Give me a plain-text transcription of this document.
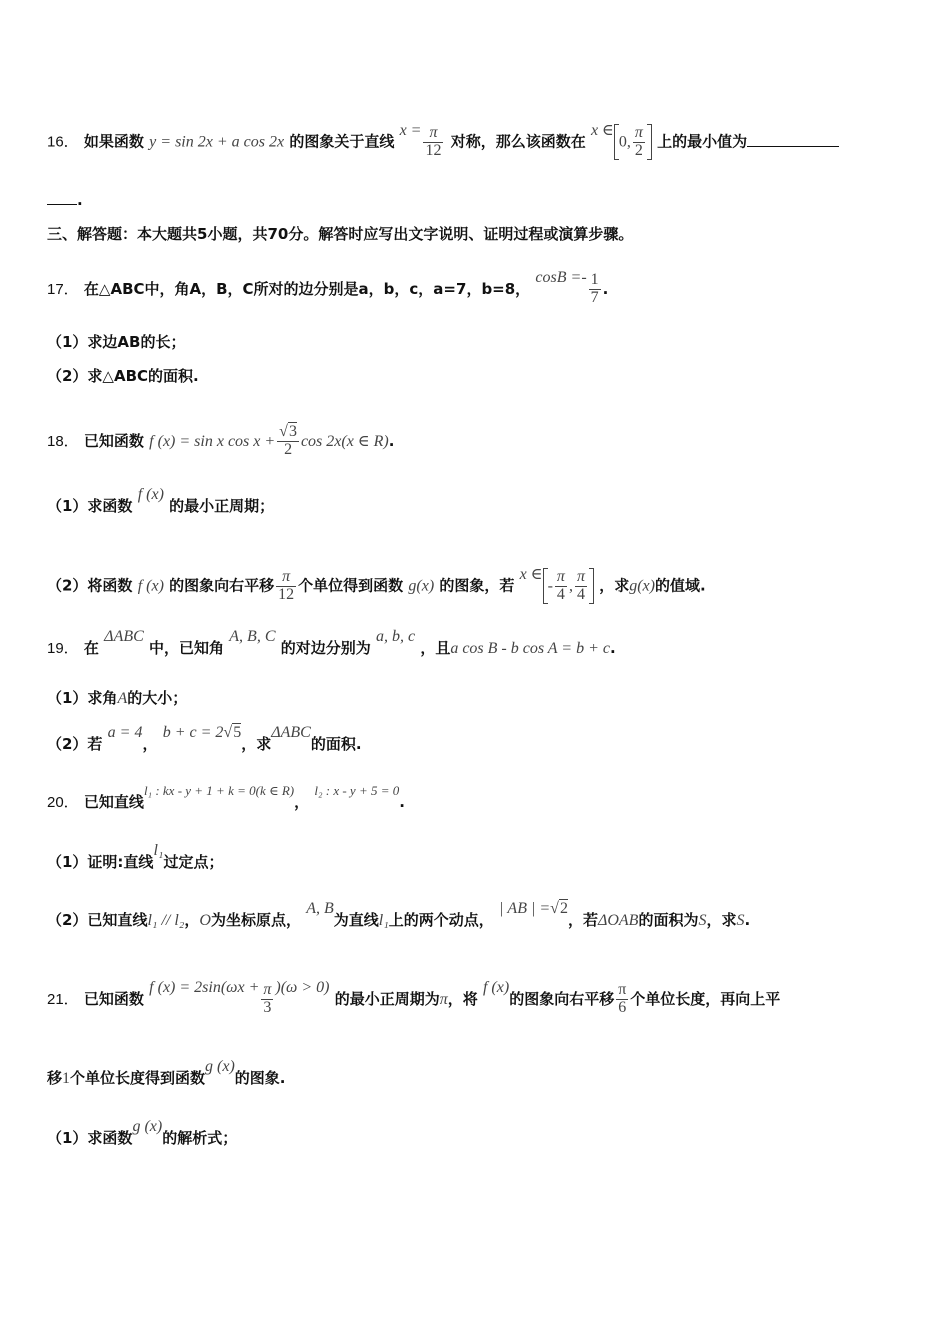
16． 如果函数 y = sin 2x + a cos 2x 的图象关于直线 $x = \frac{\pi}{12}$ 对称，那么该函数在 x ∈0, $\frac{\pi}{2}$ 上的最小值为
.
三、解答题：本大题共5小题，共70分。解答时应写出文字说明、证明过程或演算步骤。
17． 在△ABC中，角A，B，C所对的边分别是a，b，c，a=7，b=8， $\cos B =- \frac{1}{7}$ .
（1）求边AB的长；
（2）求△ABC的面积.
18． 已知函数 f (x) = sin x $\cos x + \frac{√3}{2}$ cos 2x(x ∈ R).
（1）求函数 f (x) 的最小正周期；
（2）将函数 f (x) 的图象向右平移 $\frac{\pi}{12}$ 个单位得到函数 g(x) 的图象，若 x ∈- $\frac{\pi}{4}$ , $\frac{\pi}{4}$ ，求g(x)的值域.
19． 在 ΔABC 中，已知角 A, B, C 的对边分别为 a, b, c ，且a cos B - b cos A = b + c.
（1）求角A的大小；
（2）若 a = 4， b + c = 2√5，求ΔABC的面积.
20． 已知直线l₁ : kx - y + 1 + k = 0(k ∈ R)， l₂ : x - y + 5 = 0.
（1）证明:直线l₁过定点；
（2）已知直线l₁ // l₂，O为坐标原点， A, B为直线l₁上的两个动点， | AB | =√2，若ΔOAB的面积为S，求S.
21． 已知函数 f $(x) = 2\sin(\omega x + \frac{\pi}{3} )(\omega > 0)$ 的最小正周期为π，将 f (x)的图象向右平移 $\frac{\pi}{6}$ 个单位长度，再向上平
移1个单位长度得到函数g (x)的图象.
（1）求函数g (x)的解析式；
